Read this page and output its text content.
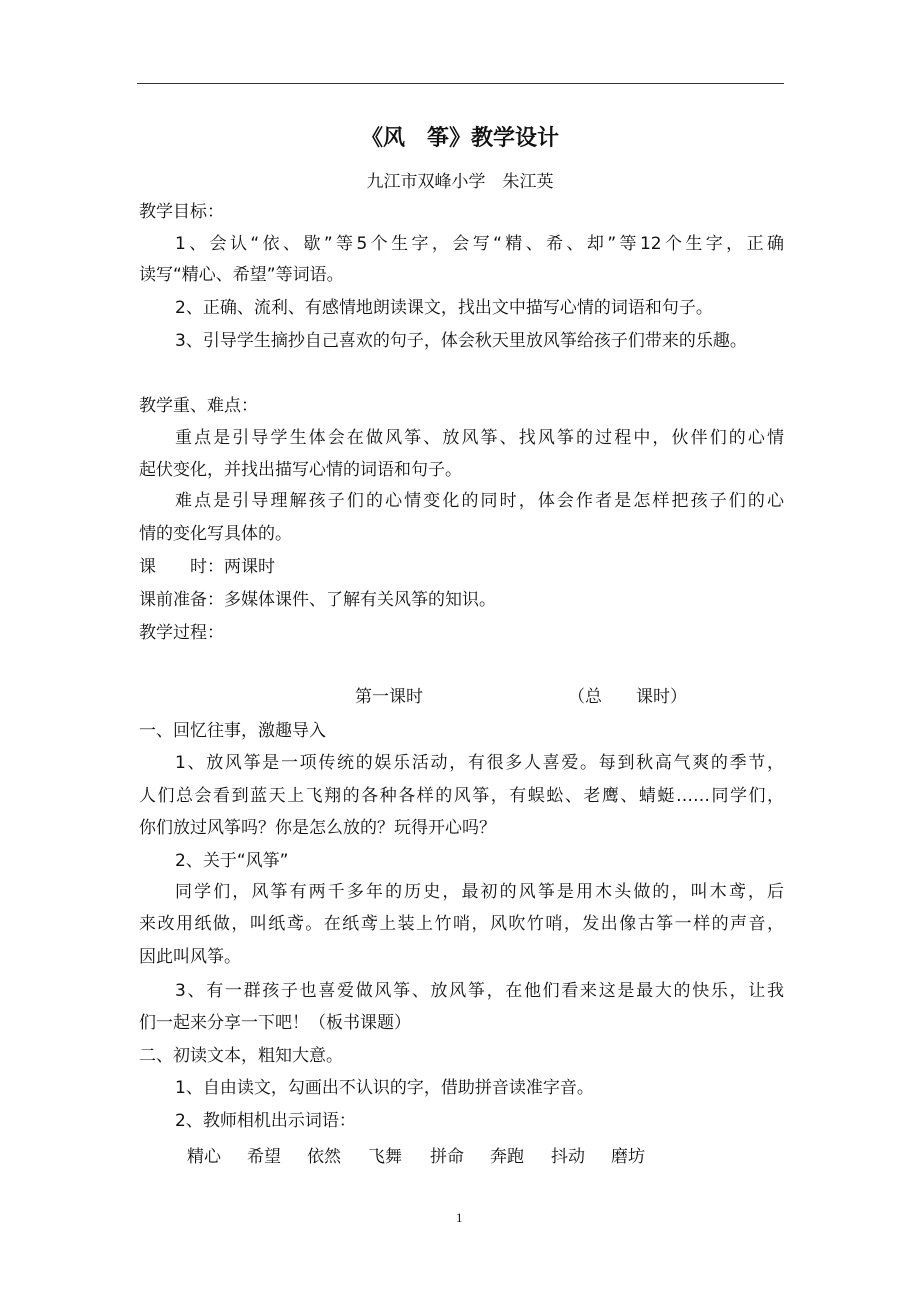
《风　筝》教学设计
九江市双峰小学　朱江英
教学目标：
1、会认“依、歇”等5个生字，会写“精、希、却”等12个生字，正确
读写“精心、希望”等词语。
2、正确、流利、有感情地朗读课文，找出文中描写心情的词语和句子。
3、引导学生摘抄自己喜欢的句子，体会秋天里放风筝给孩子们带来的乐趣。
教学重、难点：
重点是引导学生体会在做风筝、放风筝、找风筝的过程中，伙伴们的心情
起伏变化，并找出描写心情的词语和句子。
难点是引导理解孩子们的心情变化的同时，体会作者是怎样把孩子们的心
情的变化写具体的。
课　　时：两课时
课前准备：多媒体课件、了解有关风筝的知识。
教学过程：
第一课时	（总　　课时）
一、回忆往事，激趣导入
1、放风筝是一项传统的娱乐活动，有很多人喜爱。每到秋高气爽的季节，
人们总会看到蓝天上飞翔的各种各样的风筝，有蜈蚣、老鹰、蜻蜓……同学们，
你们放过风筝吗？你是怎么放的？玩得开心吗？
2、关于“风筝”
同学们，风筝有两千多年的历史，最初的风筝是用木头做的，叫木鸢，后
来改用纸做，叫纸鸢。在纸鸢上装上竹哨，风吹竹哨，发出像古筝一样的声音，
因此叫风筝。
3、有一群孩子也喜爱做风筝、放风筝，在他们看来这是最大的快乐，让我
们一起来分享一下吧！（板书课题）
二、初读文本，粗知大意。
1、自由读文，勾画出不认识的字，借助拼音读准字音。
2、教师相机出示词语：
精心 希望 依然 飞舞 拼命 奔跑 抖动 磨坊
1
